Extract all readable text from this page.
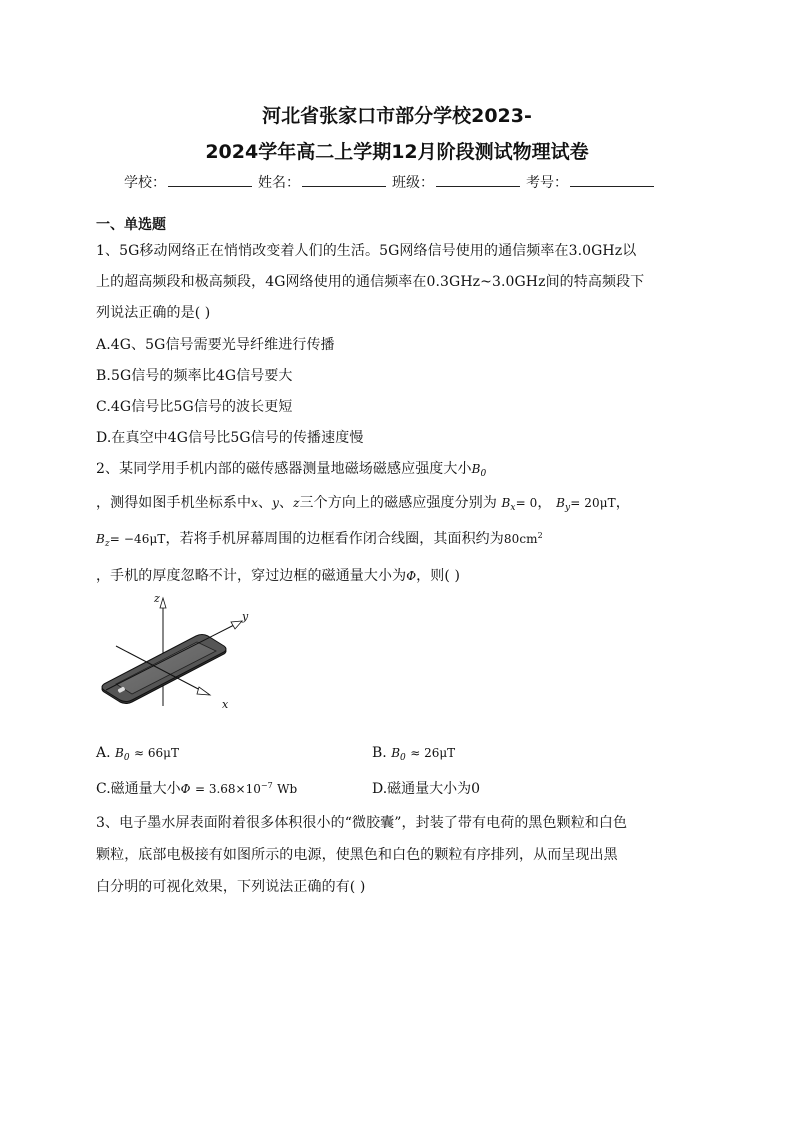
河北省张家口市部分学校2023-
2024学年高二上学期12月阶段测试物理试卷
学校：	姓名：	班级：	考号：
一、单选题
1、5G移动网络正在悄悄改变着人们的生活。5G网络信号使用的通信频率在3.0GHz以
上的超高频段和极高频段，4G网络使用的通信频率在0.3GHz~3.0GHz间的特高频段下
列说法正确的是( )
A.4G、5G信号需要光导纤维进行传播
B.5G信号的频率比4G信号要大
C.4G信号比5G信号的波长更短
D.在真空中4G信号比5G信号的传播速度慢
2、某同学用手机内部的磁传感器测量地磁场磁感应强度大小$B_0$
，测得如图手机坐标系中x、y、z三个方向上的磁感应强度分别为 $B_x= 0$， $B_y= 20\mu T$，
$B_z= -46\mu T$，若将手机屏幕周围的边框看作闭合线圈，其面积约为$80cm^2$
，手机的厚度忽略不计，穿过边框的磁通量大小为Φ，则( )
z
y
x
A. $B_0 \approx 66\mu T$	B. $B_0 \approx 26\mu T$
C.磁通量大小$\Phi = 3.68\times 10^{-7}$ Wb	D.磁通量大小为0
3、电子墨水屏表面附着很多体积很小的“微胶囊”，封装了带有电荷的黑色颗粒和白色
颗粒，底部电极接有如图所示的电源，使黑色和白色的颗粒有序排列，从而呈现出黑
白分明的可视化效果，下列说法正确的有( )
